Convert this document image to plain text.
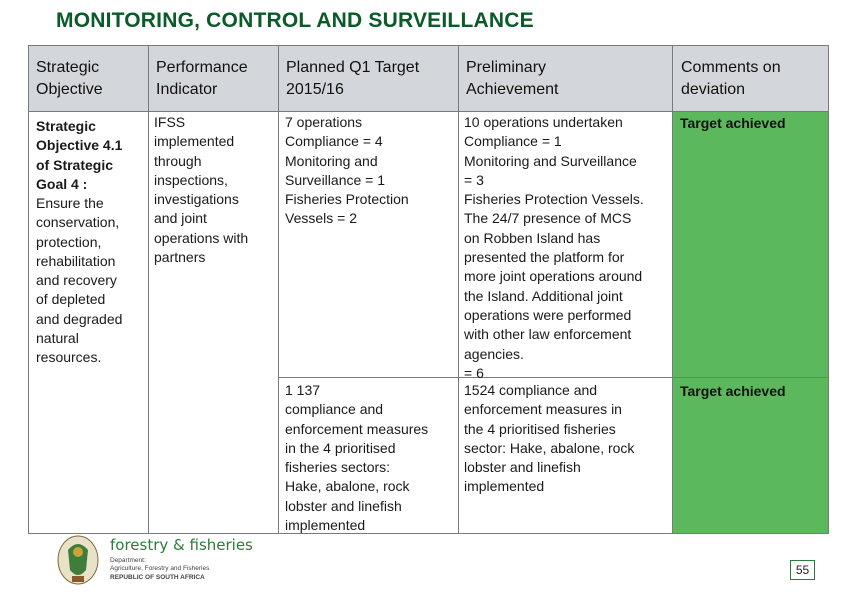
MONITORING, CONTROL AND SURVEILLANCE
Strategic
Objective
Performance
Indicator
Planned Q1 Target
2015/16
Preliminary
Achievement
Comments on
deviation
Strategic
Objective 4.1
of Strategic
Goal 4 :
Ensure the
conservation,
protection,
rehabilitation
and recovery
of depleted
and degraded
natural
resources.
IFSS
implemented
through
inspections,
investigations
and joint
operations with
partners
7 operations
Compliance = 4
Monitoring and
Surveillance = 1
Fisheries Protection
Vessels = 2
10 operations undertaken
Compliance = 1
Monitoring and Surveillance
= 3
Fisheries Protection Vessels.
The 24/7 presence of MCS
on Robben Island has
presented the platform for
more joint operations around
the Island. Additional joint
operations were performed
with other law enforcement
agencies.
= 6
Target achieved
1 137
compliance and
enforcement measures
in the 4 prioritised
fisheries sectors:
Hake, abalone, rock
lobster and linefish
implemented
1524 compliance and
enforcement measures in
the 4 prioritised fisheries
sector: Hake, abalone, rock
lobster and linefish
implemented
Target achieved
forestry & fisheries
Department:
Agriculture, Forestry and Fisheries
REPUBLIC OF SOUTH AFRICA
55
